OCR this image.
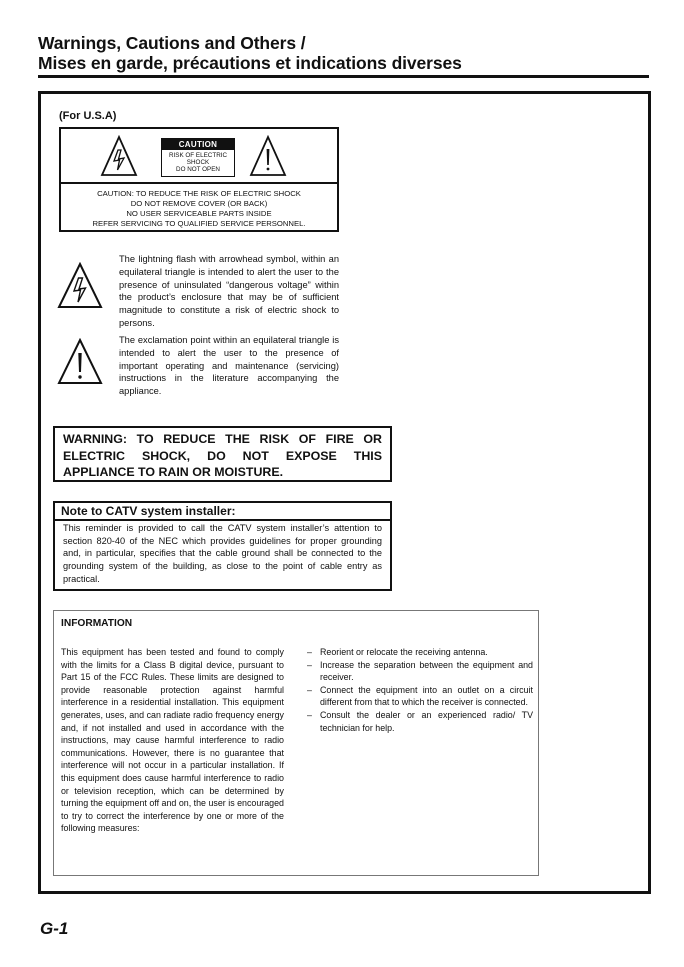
Warnings, Cautions and Others /
Mises en garde, précautions et indications diverses
(For U.S.A)
CAUTION
RISK OF ELECTRIC
SHOCK
DO NOT OPEN
CAUTION: TO REDUCE THE RISK OF ELECTRIC SHOCK
DO NOT REMOVE COVER (OR BACK)
NO USER SERVICEABLE PARTS INSIDE
REFER SERVICING TO QUALIFIED SERVICE PERSONNEL.
The lightning flash with arrowhead symbol, within an equilateral triangle is intended to alert the user to the presence of uninsulated “dangerous voltage” within the product’s enclosure that may be of sufficient magnitude to constitute a risk of electric shock to persons.
The exclamation point within an equilateral triangle is intended to alert the user to the presence of important operating and maintenance (servicing) instructions in the literature accompanying the appliance.
WARNING: TO REDUCE THE RISK OF FIRE OR ELECTRIC SHOCK, DO NOT EXPOSE THIS APPLIANCE TO RAIN OR MOISTURE.
Note to CATV system installer:
This reminder is provided to call the CATV system installer’s attention to section 820-40 of the NEC which provides guidelines for proper grounding and, in particular, specifies that the cable ground shall be connected to the grounding system of the building, as close to the point of cable entry as practical.
INFORMATION
This equipment has been tested and found to comply with the limits for a Class B digital device, pursuant to Part 15 of the FCC Rules. These limits are designed to provide reasonable protection against harmful interference in a residential installation. This equipment generates, uses, and can radiate radio frequency energy and, if not installed and used in accordance with the instructions, may cause harmful interference to radio communications. However, there is no guarantee that interference will not occur in a particular installation. If this equipment does cause harmful interference to radio or television reception, which can be determined by turning the equipment off and on, the user is encouraged to try to correct the interference by one or more of the following measures:
– Reorient or relocate the receiving antenna.
– Increase the separation between the equipment and receiver.
– Connect the equipment into an outlet on a circuit different from that to which the receiver is connected.
– Consult the dealer or an experienced radio/ TV technician for help.
G-1
